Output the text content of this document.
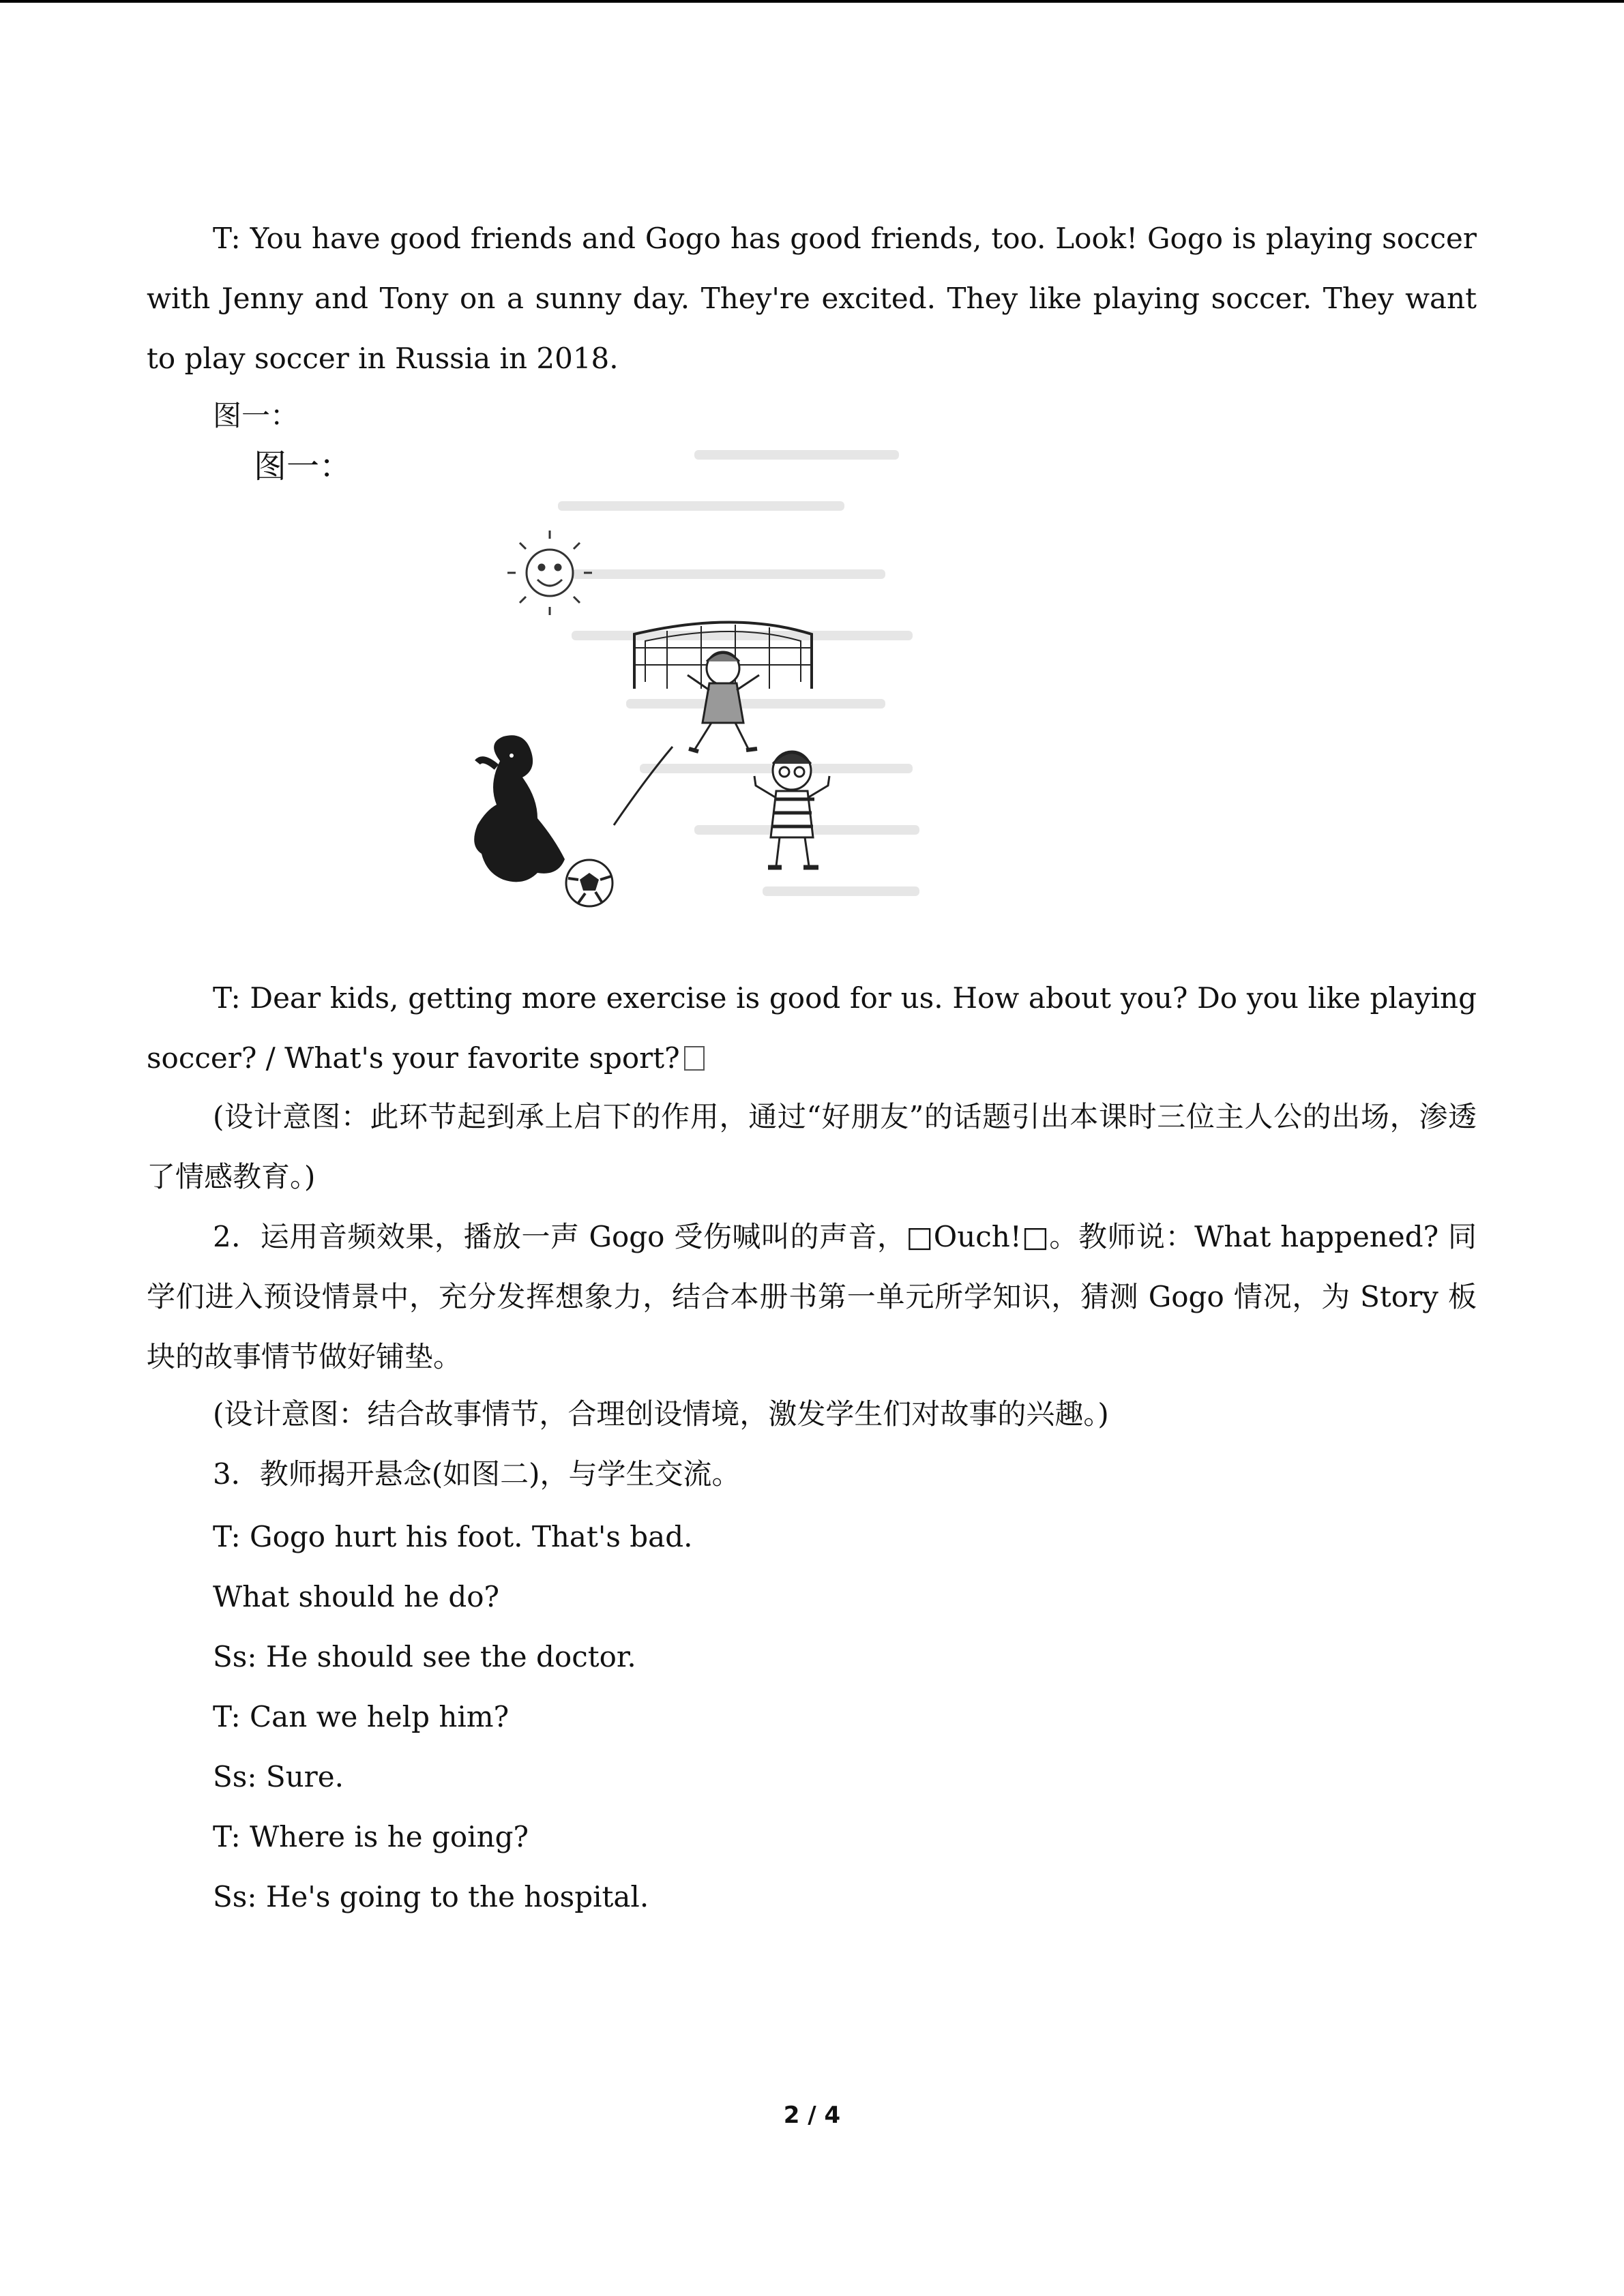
T: You have good friends and Gogo has good friends, too. Look! Gogo is playing soccer with Jenny and Tony on a sunny day. They're excited. They like playing soccer. They want to play soccer in Russia in 2018.

图一：
图一：

T: Dear kids, getting more exercise is good for us. How about you? Do you like playing soccer? / What's your favorite sport?

(设计意图：此环节起到承上启下的作用，通过“好朋友”的话题引出本课时三位主人公的出场，渗透了情感教育。)

2．运用音频效果，播放一声 Gogo 受伤喊叫的声音，□Ouch!□。教师说：What happened? 同学们进入预设情景中，充分发挥想象力，结合本册书第一单元所学知识，猜测 Gogo 情况，为 Story 板块的故事情节做好铺垫。

(设计意图：结合故事情节，合理创设情境，激发学生们对故事的兴趣。)
3．教师揭开悬念(如图二)，与学生交流。
T: Gogo hurt his foot. That's bad.
What should he do?
Ss: He should see the doctor.
T: Can we help him?
Ss: Sure.
T: Where is he going?
Ss: He's going to the hospital.
2 / 4
